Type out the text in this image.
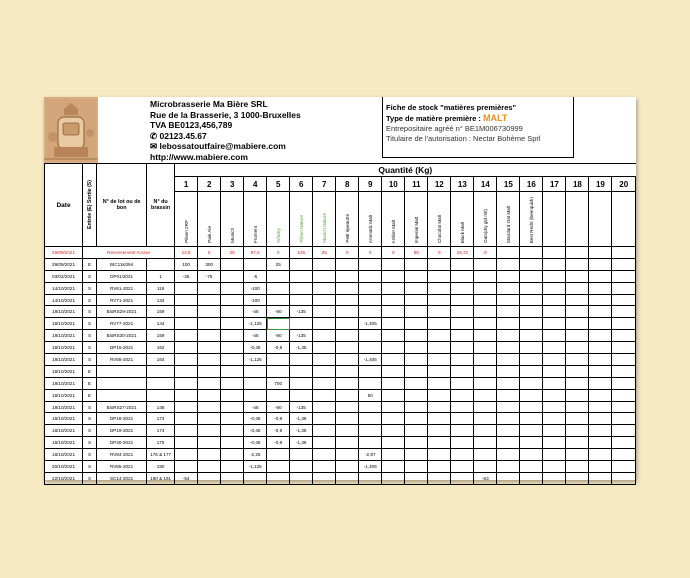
Microbrasserie Ma Bière SRL
Rue de la Brasserie, 3 1000-Bruxelles
TVA BE0123,456,789
✆ 02123.45.67
✉ lebossatoutfaire@mabiere.com
http://www.mabiere.com
Fiche de stock "matières premières"
Type de matière première : MALT
Entrepositaire agréé n° BE1M006730999
Titulaire de l'autorisation : Nectar Bohème Sprl
Date	Entrée (E) Sortie (S)	N° de lot ou de bon	N° du brassin	Quantité (Kg)																			
				1	2	3	4	5	6	7	8	9	10	11	12	13	14	15	16	17	18	19	20
				Pilsen 2RP	Pale Ale	Munich	Froment	Whisky	Pilsen Nature	Munich Nature	Petit épeautre	Aromatic Malt	Amber Malt	Imperial Malt	Chocolat Malt	Black Malt	Oats(dry gld mlt)	Standard Oat Malt	Best RedX (beerquick)				
29/09/2021	Recensement Accise			12,6	0	25	87,5	0	125	25	0	0	0	50	0	19,72	0						
29/09/2021	E	BIC11K094		100	300			25															
03/02/2021	S	DP01/2021	1	-25	-75		-5																
14/10/2021	S	RV61-2021	119				-100																
14/10/2021	S	RV71-2021	134				-100																
18/10/2021	S	BioRS29-2021	159				-45	-90	-135														
18/10/2021	S	RV77-2021	144				-1,125					-1,405											
18/10/2021	S	BioRS30-2021	159				-45	-90	-135														
18/10/2021	S	DP15-2021	162				-0,45	-0,9	-1,35														
18/10/2021	S	RV85-2021	164				-1,125					-1,405											
18/10/2021	E																						
18/10/2021	E							700															
18/10/2021	E											50											
18/10/2021	S	BioRS27-2021	148				-45	-90	-135														
18/10/2021	S	DP18-2021	173				-0,45	-0,9	-1,35														
18/10/2021	S	DP19-2021	174				-0,45	-0,9	-1,35														
18/10/2021	S	DP20-2021	175				-0,45	-0,9	-1,35														
18/10/2021	S	RV84-2021	176 & 177				-2,25					-2,97											
20/10/2021	S	RV85-2021	180				-1,125					-1,405											
22/10/2021	S	SC14-2021	190 & 191	-54													-63						
